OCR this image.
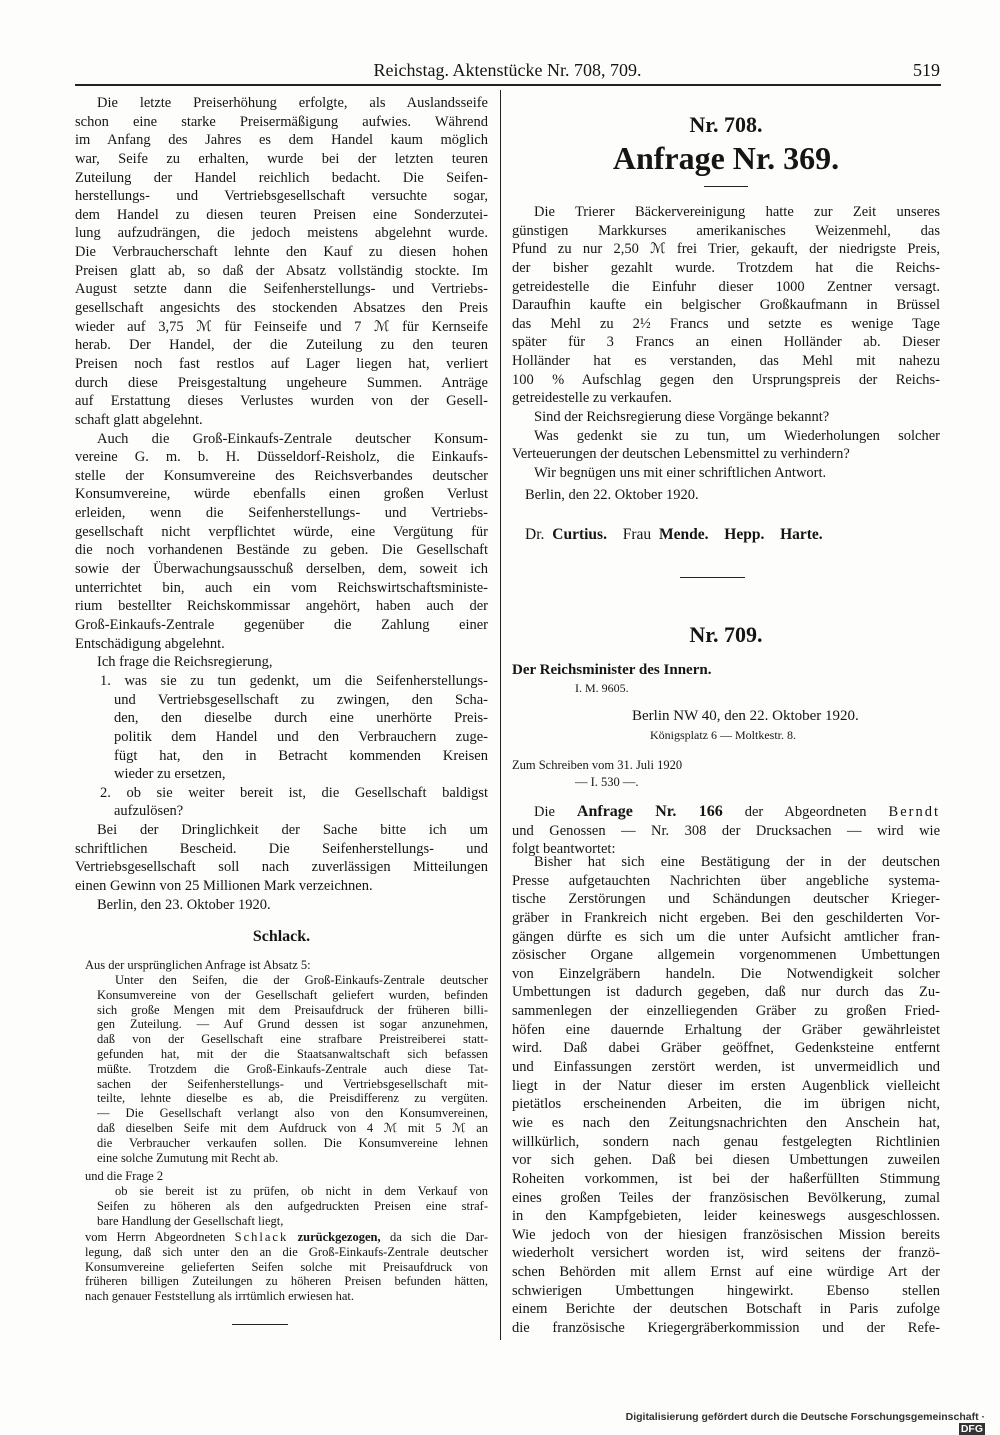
Reichstag. Aktenstücke Nr. 708, 709.	519
Die letzte Preiserhöhung erfolgte, als Auslandsseife
schon eine starke Preisermäßigung aufwies. Während
im Anfang des Jahres es dem Handel kaum möglich
war, Seife zu erhalten, wurde bei der letzten teuren
Zuteilung der Handel reichlich bedacht. Die Seifen-
herstellungs- und Vertriebsgesellschaft versuchte sogar,
dem Handel zu diesen teuren Preisen eine Sonderzutei-
lung aufzudrängen, die jedoch meistens abgelehnt wurde.
Die Verbraucherschaft lehnte den Kauf zu diesen hohen
Preisen glatt ab, so daß der Absatz vollständig stockte. Im
August setzte dann die Seifenherstellungs- und Vertriebs-
gesellschaft angesichts des stockenden Absatzes den Preis
wieder auf 3,75 ℳ für Feinseife und 7 ℳ für Kernseife
herab. Der Handel, der die Zuteilung zu den teuren
Preisen noch fast restlos auf Lager liegen hat, verliert
durch diese Preisgestaltung ungeheure Summen. Anträge
auf Erstattung dieses Verlustes wurden von der Gesell-
schaft glatt abgelehnt.
Auch die Groß-Einkaufs-Zentrale deutscher Konsum-
vereine G. m. b. H. Düsseldorf-Reisholz, die Einkaufs-
stelle der Konsumvereine des Reichsverbandes deutscher
Konsumvereine, würde ebenfalls einen großen Verlust
erleiden, wenn die Seifenherstellungs- und Vertriebs-
gesellschaft nicht verpflichtet würde, eine Vergütung für
die noch vorhandenen Bestände zu geben. Die Gesellschaft
sowie der Überwachungsausschuß derselben, dem, soweit ich
unterrichtet bin, auch ein vom Reichswirtschaftsministe-
rium bestellter Reichskommissar angehört, haben auch der
Groß-Einkaufs-Zentrale gegenüber die Zahlung einer
Entschädigung abgelehnt.
Ich frage die Reichsregierung,
1. was sie zu tun gedenkt, um die Seifenherstellungs-
und Vertriebsgesellschaft zu zwingen, den Scha-
den, den dieselbe durch eine unerhörte Preis-
politik dem Handel und den Verbrauchern zuge-
fügt hat, den in Betracht kommenden Kreisen
wieder zu ersetzen,
2. ob sie weiter bereit ist, die Gesellschaft baldigst
aufzulösen?
Bei der Dringlichkeit der Sache bitte ich um
schriftlichen Bescheid. Die Seifenherstellungs- und
Vertriebsgesellschaft soll nach zuverlässigen Mitteilungen
einen Gewinn von 25 Millionen Mark verzeichnen.
Berlin, den 23. Oktober 1920.
Schlack.
Aus der ursprünglichen Anfrage ist Absatz 5:
Unter den Seifen, die der Groß-Einkaufs-Zentrale deutscher
Konsumvereine von der Gesellschaft geliefert wurden, befinden
sich große Mengen mit dem Preisaufdruck der früheren billi-
gen Zuteilung. — Auf Grund dessen ist sogar anzunehmen,
daß von der Gesellschaft eine strafbare Preistreiberei statt-
gefunden hat, mit der die Staatsanwaltschaft sich befassen
müßte. Trotzdem die Groß-Einkaufs-Zentrale auch diese Tat-
sachen der Seifenherstellungs- und Vertriebsgesellschaft mit-
teilte, lehnte dieselbe es ab, die Preisdifferenz zu vergüten.
— Die Gesellschaft verlangt also von den Konsumvereinen,
daß dieselben Seife mit dem Aufdruck von 4 ℳ mit 5 ℳ an
die Verbraucher verkaufen sollen. Die Konsumvereine lehnen
eine solche Zumutung mit Recht ab.
und die Frage 2
ob sie bereit ist zu prüfen, ob nicht in dem Verkauf von
Seifen zu höheren als den aufgedruckten Preisen eine straf-
bare Handlung der Gesellschaft liegt,
vom Herrn Abgeordneten Schlack zurückgezogen, da sich die Dar-
legung, daß sich unter den an die Groß-Einkaufs-Zentrale deutscher
Konsumvereine gelieferten Seifen solche mit Preisaufdruck von
früheren billigen Zuteilungen zu höheren Preisen befunden hätten,
nach genauer Feststellung als irrtümlich erwiesen hat.
Nr. 708.
Anfrage Nr. 369.
Die Trierer Bäckervereinigung hatte zur Zeit unseres
günstigen Markkurses amerikanisches Weizenmehl, das
Pfund zu nur 2,50 ℳ frei Trier, gekauft, der niedrigste Preis,
der bisher gezahlt wurde. Trotzdem hat die Reichs-
getreidestelle die Einfuhr dieser 1000 Zentner versagt.
Daraufhin kaufte ein belgischer Großkaufmann in Brüssel
das Mehl zu 2½ Francs und setzte es wenige Tage
später für 3 Francs an einen Holländer ab. Dieser
Holländer hat es verstanden, das Mehl mit nahezu
100 % Aufschlag gegen den Ursprungspreis der Reichs-
getreidestelle zu verkaufen.
Sind der Reichsregierung diese Vorgänge bekannt?
Was gedenkt sie zu tun, um Wiederholungen solcher
Verteuerungen der deutschen Lebensmittel zu verhindern?
Wir begnügen uns mit einer schriftlichen Antwort.
Berlin, den 22. Oktober 1920.
Dr. Curtius. Frau Mende. Hepp. Harte.
Nr. 709.
Der Reichsminister des Innern.
I. M. 9605.
Berlin NW 40, den 22. Oktober 1920.
Königsplatz 6 — Moltkestr. 8.
Zum Schreiben vom 31. Juli 1920
— I. 530 —.
Die Anfrage Nr. 166 der Abgeordneten Berndt
und Genossen — Nr. 308 der Drucksachen — wird wie
folgt beantwortet:
Bisher hat sich eine Bestätigung der in der deutschen
Presse aufgetauchten Nachrichten über angebliche systema-
tische Zerstörungen und Schändungen deutscher Krieger-
gräber in Frankreich nicht ergeben. Bei den geschilderten Vor-
gängen dürfte es sich um die unter Aufsicht amtlicher fran-
zösischer Organe allgemein vorgenommenen Umbettungen
von Einzelgräbern handeln. Die Notwendigkeit solcher
Umbettungen ist dadurch gegeben, daß nur durch das Zu-
sammenlegen der einzelliegenden Gräber zu großen Fried-
höfen eine dauernde Erhaltung der Gräber gewährleistet
wird. Daß dabei Gräber geöffnet, Gedenksteine entfernt
und Einfassungen zerstört werden, ist unvermeidlich und
liegt in der Natur dieser im ersten Augenblick vielleicht
pietätlos erscheinenden Arbeiten, die im übrigen nicht,
wie es nach den Zeitungsnachrichten den Anschein hat,
willkürlich, sondern nach genau festgelegten Richtlinien
vor sich gehen. Daß bei diesen Umbettungen zuweilen
Roheiten vorkommen, ist bei der haßerfüllten Stimmung
eines großen Teiles der französischen Bevölkerung, zumal
in den Kampfgebieten, leider keineswegs ausgeschlossen.
Wie jedoch von der hiesigen französischen Mission bereits
wiederholt versichert worden ist, wird seitens der franzö-
schen Behörden mit allem Ernst auf eine würdige Art der
schwierigen Umbettungen hingewirkt. Ebenso stellen
einem Berichte der deutschen Botschaft in Paris zufolge
die französische Kriegergräberkommission und der Refe-
Digitalisierung gefördert durch die Deutsche Forschungsgemeinschaft · DFG
